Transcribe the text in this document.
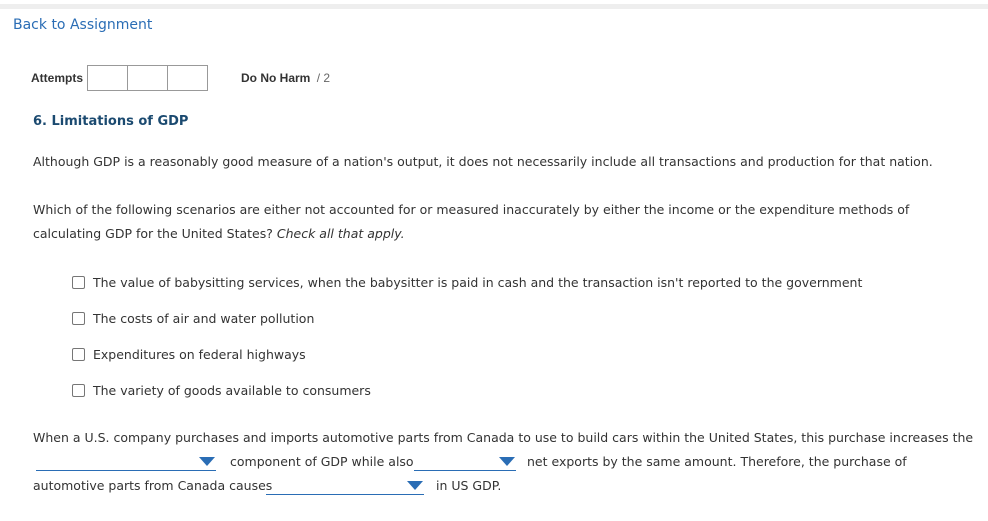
Back to Assignment
Attempts	Do No Harm / 2
6. Limitations of GDP
Although GDP is a reasonably good measure of a nation's output, it does not necessarily include all transactions and production for that nation.
Which of the following scenarios are either not accounted for or measured inaccurately by either the income or the expenditure methods of calculating GDP for the United States? Check all that apply.
The value of babysitting services, when the babysitter is paid in cash and the transaction isn't reported to the government
The costs of air and water pollution
Expenditures on federal highways
The variety of goods available to consumers
When a U.S. company purchases and imports automotive parts from Canada to use to build cars within the United States, this purchase increases the
component of GDP while also	net exports by the same amount. Therefore, the purchase of
automotive parts from Canada causes	in US GDP.
